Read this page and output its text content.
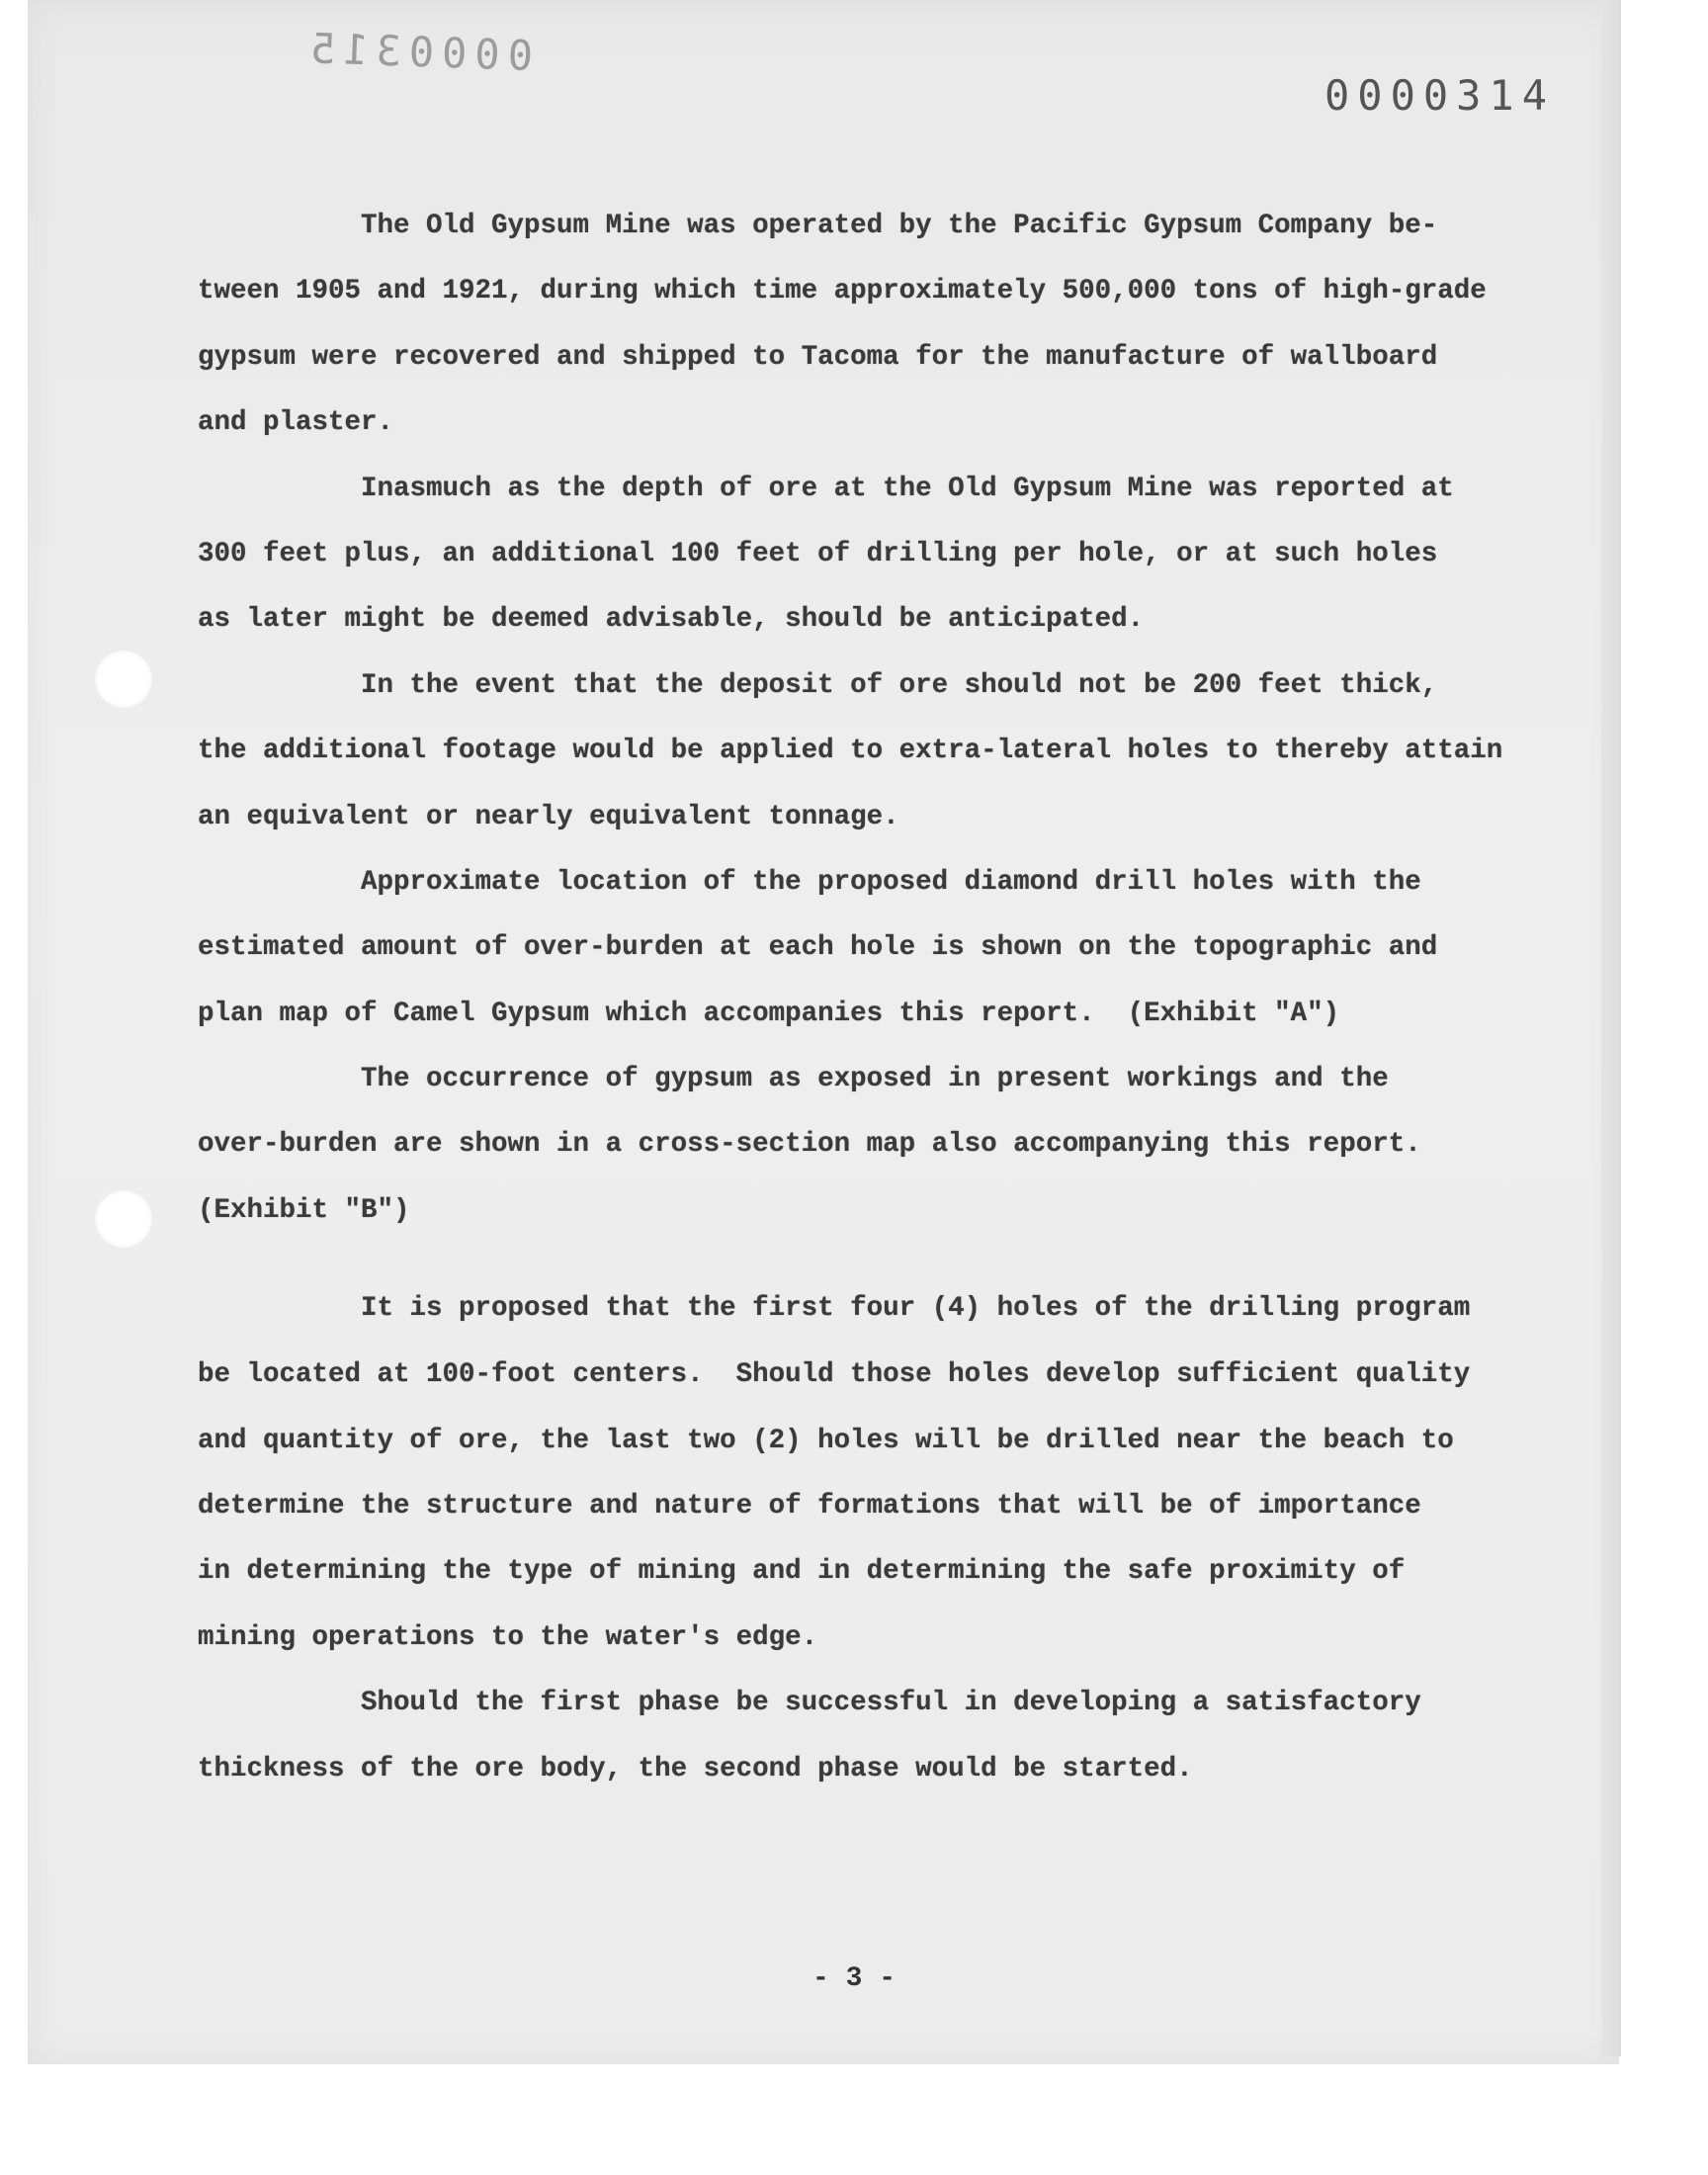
0000315
0000314
The Old Gypsum Mine was operated by the Pacific Gypsum Company be-
tween 1905 and 1921, during which time approximately 500,000 tons of high-grade
gypsum were recovered and shipped to Tacoma for the manufacture of wallboard
and plaster.
Inasmuch as the depth of ore at the Old Gypsum Mine was reported at
300 feet plus, an additional 100 feet of drilling per hole, or at such holes
as later might be deemed advisable, should be anticipated.
In the event that the deposit of ore should not be 200 feet thick,
the additional footage would be applied to extra-lateral holes to thereby attain
an equivalent or nearly equivalent tonnage.
Approximate location of the proposed diamond drill holes with the
estimated amount of over-burden at each hole is shown on the topographic and
plan map of Camel Gypsum which accompanies this report.  (Exhibit "A")
The occurrence of gypsum as exposed in present workings and the
over-burden are shown in a cross-section map also accompanying this report.
(Exhibit "B")
It is proposed that the first four (4) holes of the drilling program
be located at 100-foot centers.  Should those holes develop sufficient quality
and quantity of ore, the last two (2) holes will be drilled near the beach to
determine the structure and nature of formations that will be of importance
in determining the type of mining and in determining the safe proximity of
mining operations to the water's edge.
Should the first phase be successful in developing a satisfactory
thickness of the ore body, the second phase would be started.
- 3 -
